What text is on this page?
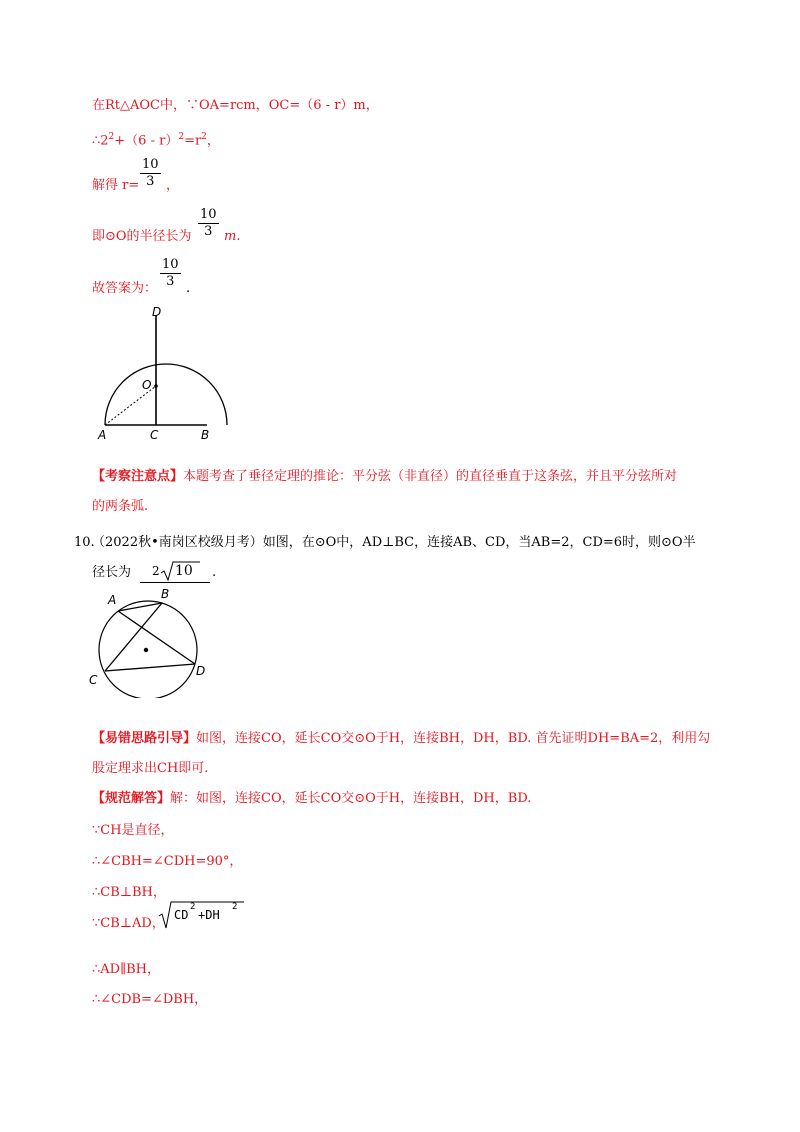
在Rt△AOC中，∵OA=rcm，OC=（6 - r）m，
$\therefore 2^2+(6 - r)^2=r^2$，
解得 r=
10
3 ，
即⊙O的半径长为
10
3 m.
故答案为：
10
3 .
D
O
A	C	B
【考察注意点】本题考查了垂径定理的推论：平分弦（非直径）的直径垂直于这条弦，并且平分弦所对
的两条弧.
10.
（2022秋•南岗区校级月考）如图，在⊙O中，AD⊥BC，连接AB、CD，当AB=2，CD=6时，则⊙O半
径长为 2 10 .
A	B
C
D
【易错思路引导】如图，连接CO，延长CO交⊙O于H，连接BH，DH，BD. 首先证明DH=BA=2，利用勾
股定理求出CH即可.
【规范解答】解：如图，连接CO，延长CO交⊙O于H，连接BH，DH，BD.
∵CH是直径，
∴∠CBH=∠CDH=90°，
∴CB⊥BH，
∵CB⊥AD，
CD
2
+DH
2
∴AD∥BH，
∴∠CDB=∠DBH，
